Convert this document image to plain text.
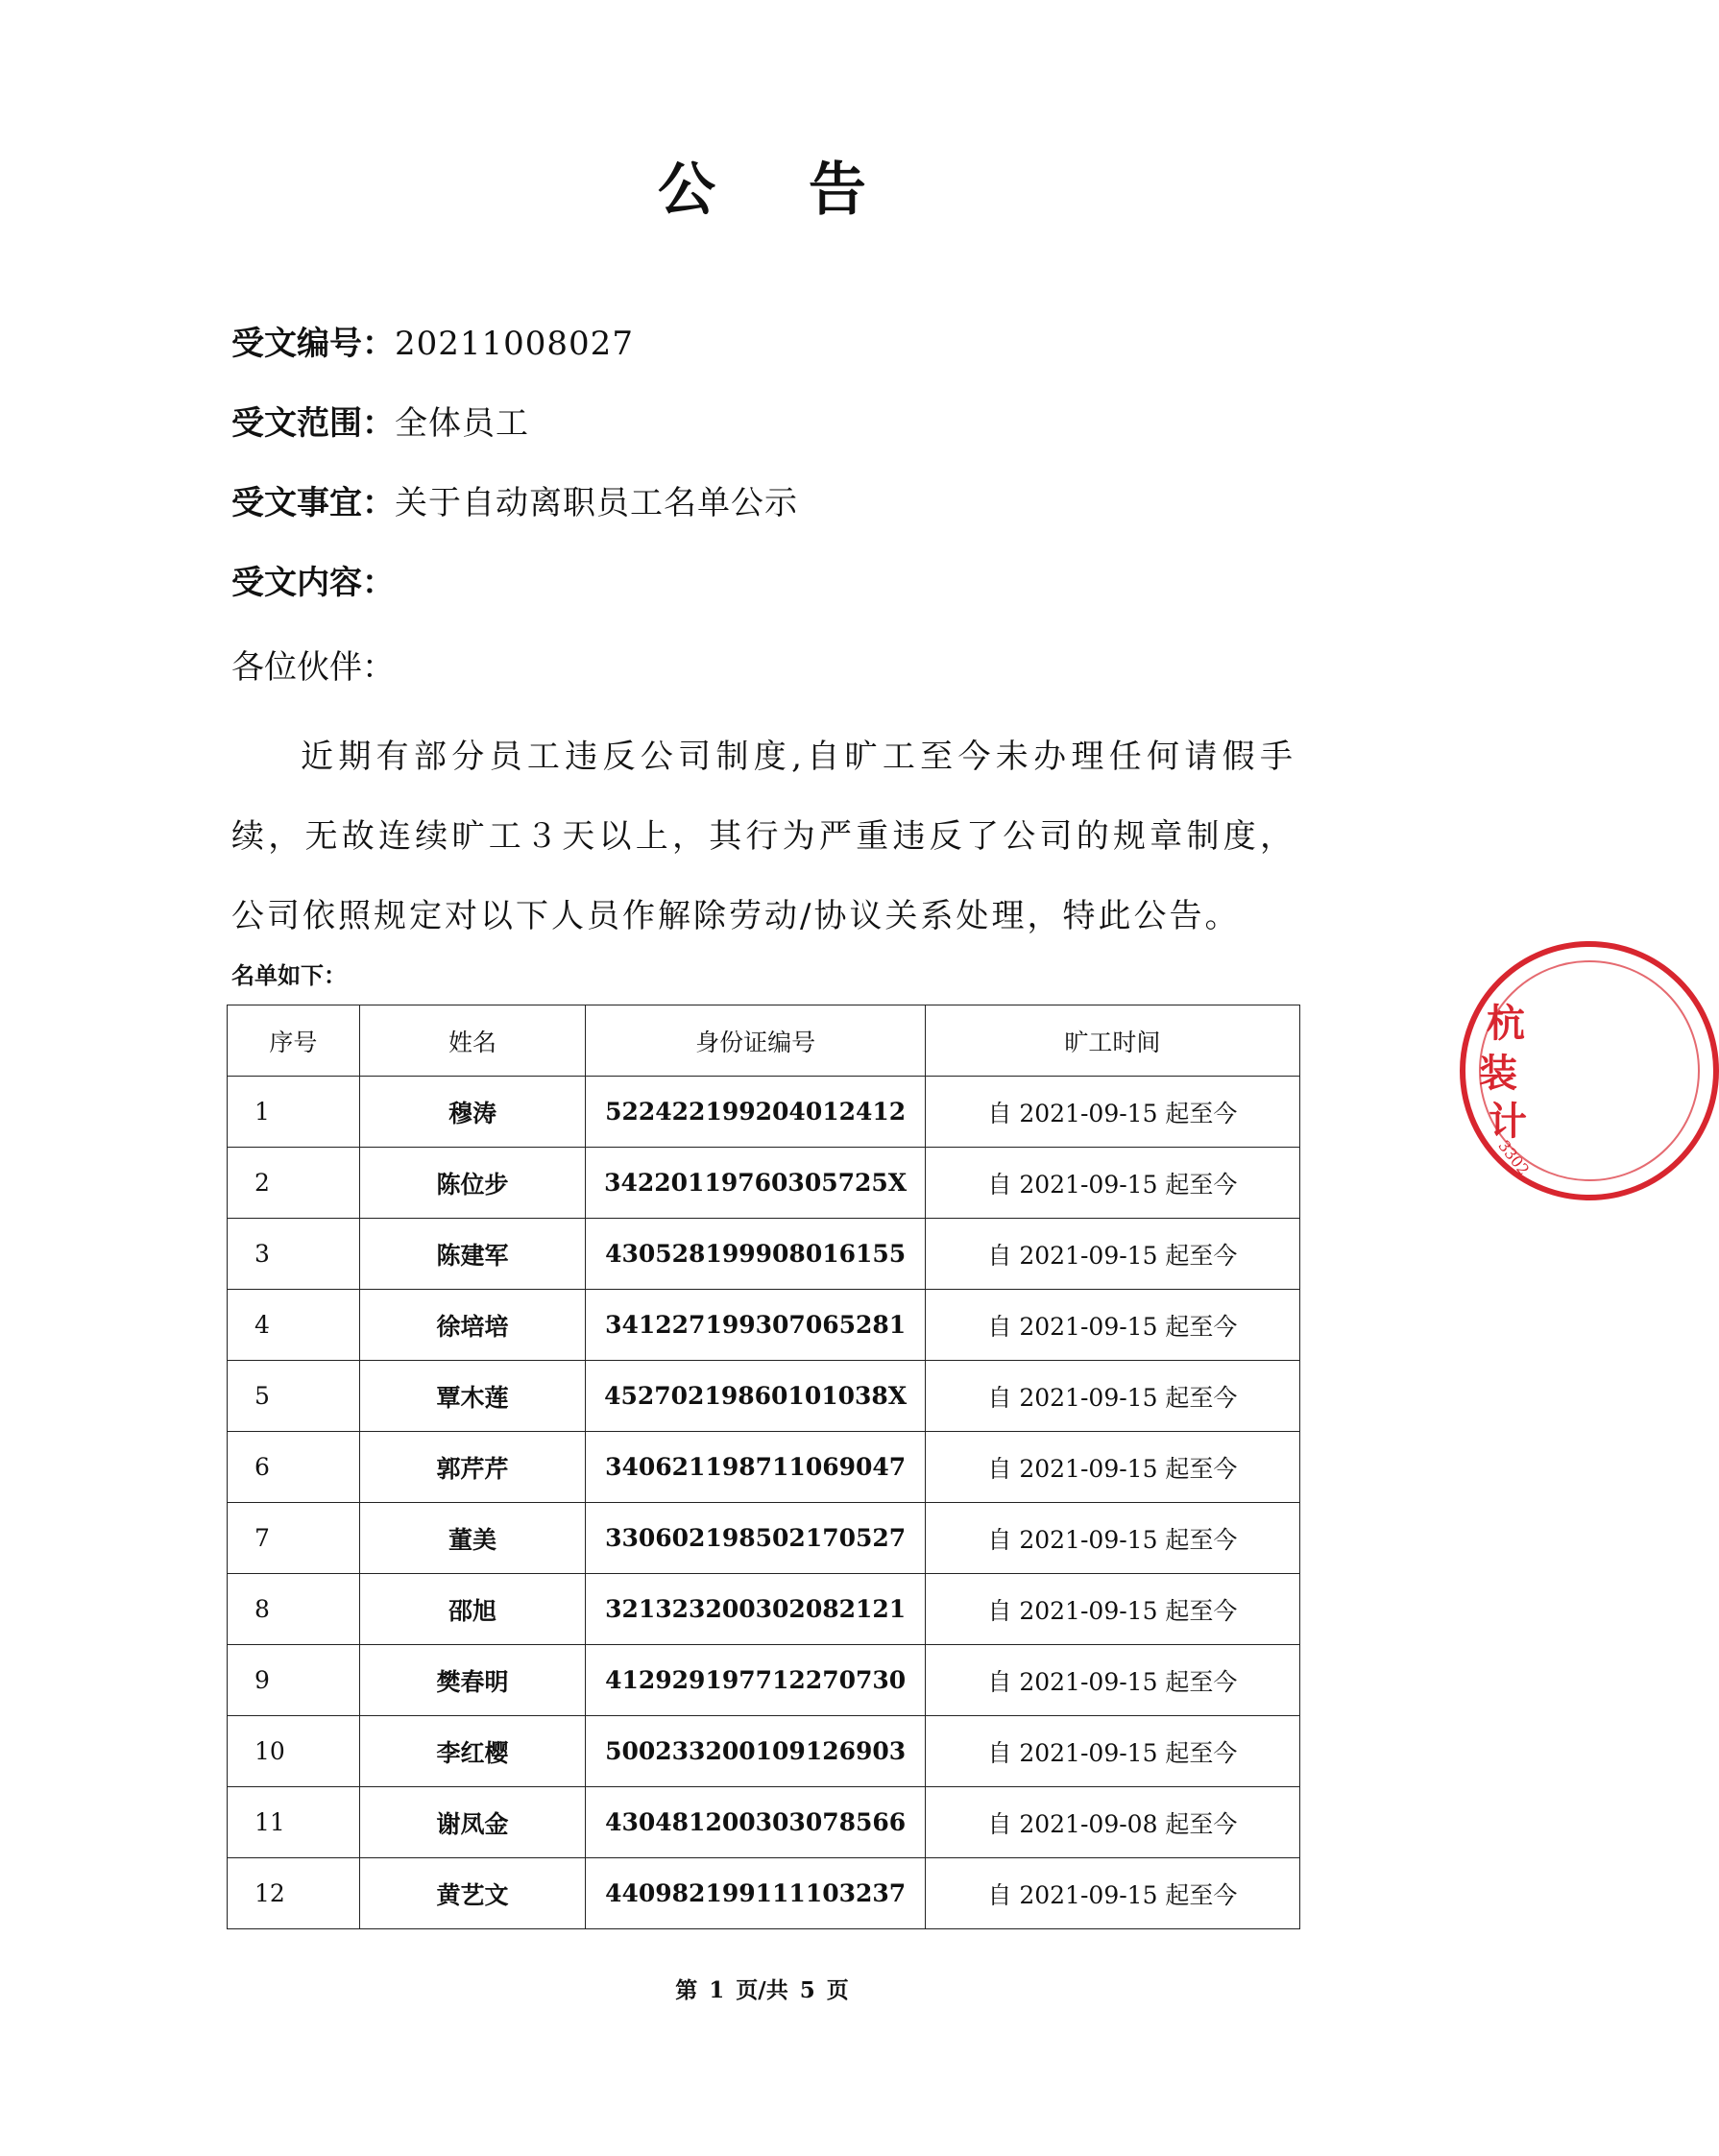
公 告
受文编号：20211008027
受文范围：全体员工
受文事宜：关于自动离职员工名单公示
受文内容：
各位伙伴：
近期有部分员工违反公司制度,自旷工至今未办理任何请假手续，无故连续旷工３天以上，其行为严重违反了公司的规章制度，公司依照规定对以下人员作解除劳动/协议关系处理，特此公告。
名单如下：
序号	姓名	身份证编号	旷工时间
1	穆涛	522422199204012412	自 2021-09-15 起至今
2	陈位步	34220119760305725X	自 2021-09-15 起至今
3	陈建军	430528199908016155	自 2021-09-15 起至今
4	徐培培	341227199307065281	自 2021-09-15 起至今
5	覃木莲	45270219860101038X	自 2021-09-15 起至今
6	郭芹芹	340621198711069047	自 2021-09-15 起至今
7	董美	330602198502170527	自 2021-09-15 起至今
8	邵旭	321323200302082121	自 2021-09-15 起至今
9	樊春明	412929197712270730	自 2021-09-15 起至今
10	李红樱	500233200109126903	自 2021-09-15 起至今
11	谢凤金	430481200303078566	自 2021-09-08 起至今
12	黄艺文	440982199111103237	自 2021-09-15 起至今
第 1 页/共 5 页
杭
装
计
3302
